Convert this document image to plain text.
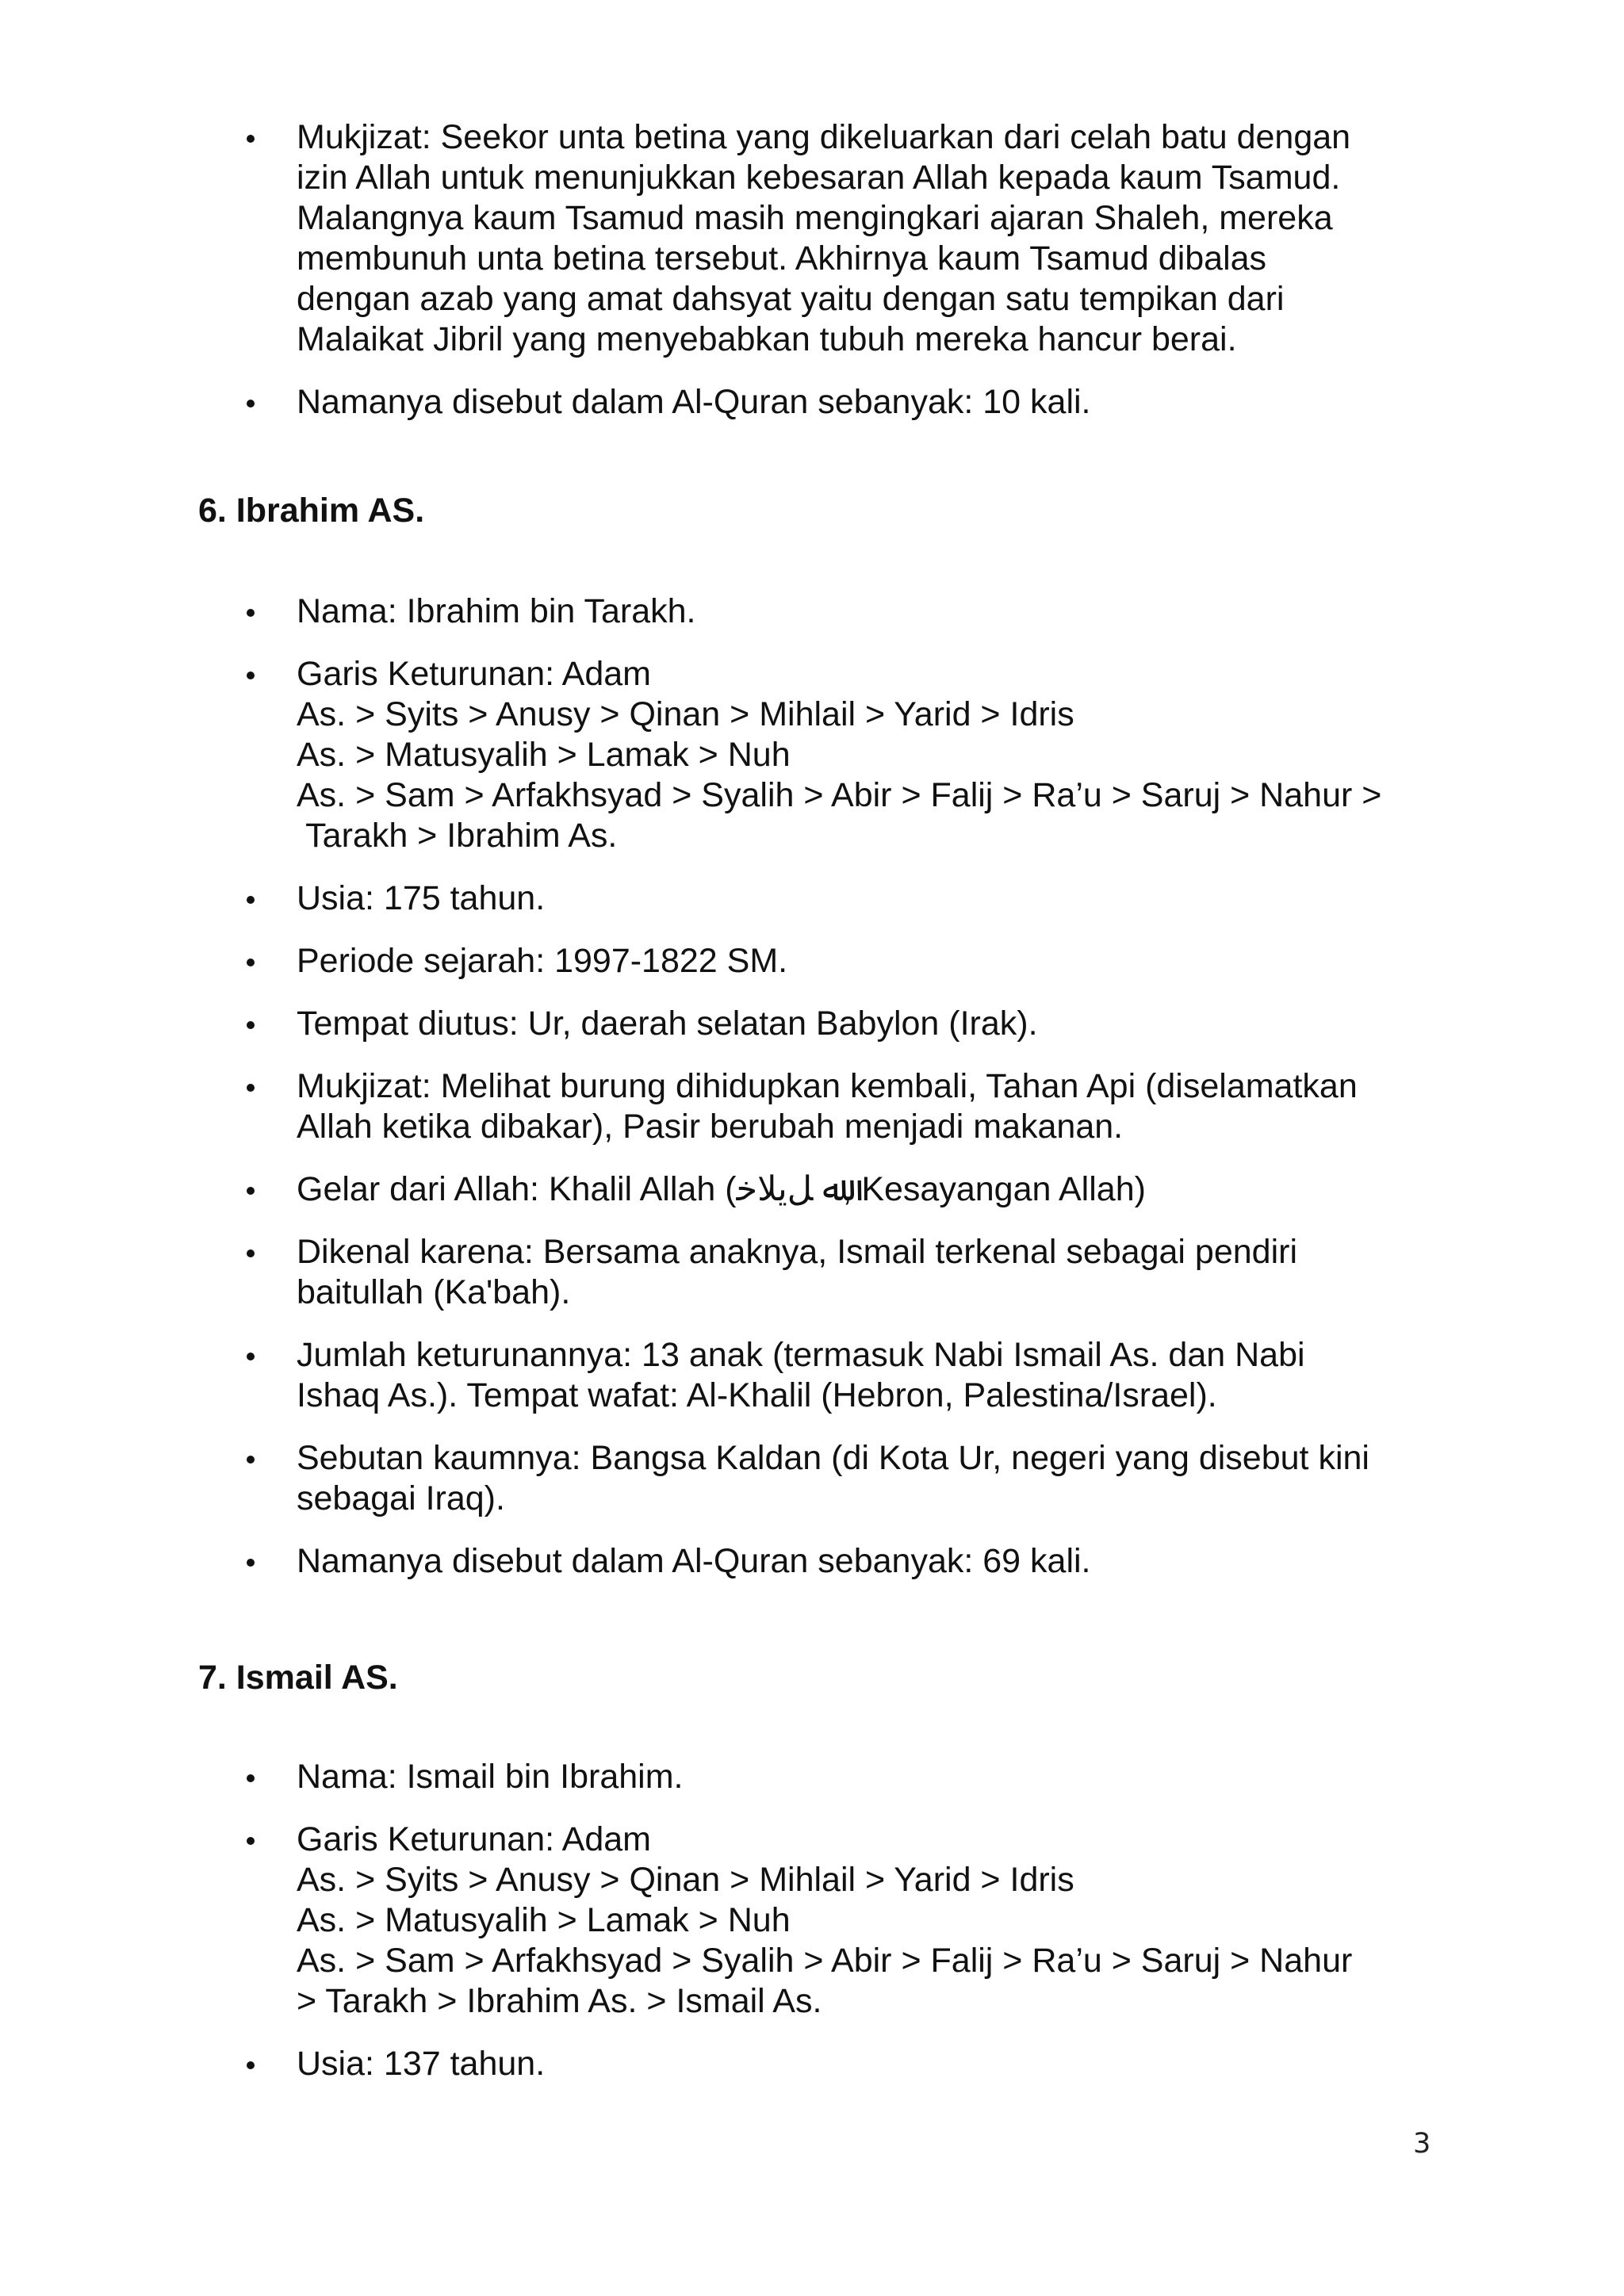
Mukjizat: Seekor unta betina yang dikeluarkan dari celah batu dengan
izin Allah untuk menunjukkan kebesaran Allah kepada kaum Tsamud.
Malangnya kaum Tsamud masih mengingkari ajaran Shaleh, mereka
membunuh unta betina tersebut. Akhirnya kaum Tsamud dibalas
dengan azab yang amat dahsyat yaitu dengan satu tempikan dari
Malaikat Jibril yang menyebabkan tubuh mereka hancur berai.
Namanya disebut dalam Al-Quran sebanyak: 10 kali.
6. Ibrahim AS.
Nama: Ibrahim bin Tarakh.
Garis Keturunan: Adam
As. > Syits > Anusy > Qinan > Mihlail > Yarid > Idris
As. > Matusyalih > Lamak > Nuh
As. > Sam > Arfakhsyad > Syalih > Abir > Falij > Ra’u > Saruj > Nahur >
Tarakh > Ibrahim As.
Usia: 175 tahun.
Periode sejarah: 1997-1822 SM.
Tempat diutus: Ur, daerah selatan Babylon (Irak).
Mukjizat: Melihat burung dihidupkan kembali, Tahan Api (diselamatkan
Allah ketika dibakar), Pasir berubah menjadi makanan.
Gelar dari Allah: Khalil Allah (ﷲ ﻞﯾﻼﺧ, Kesayangan Allah)
Dikenal karena: Bersama anaknya, Ismail terkenal sebagai pendiri
baitullah (Ka'bah).
Jumlah keturunannya: 13 anak (termasuk Nabi Ismail As. dan Nabi
Ishaq As.). Tempat wafat: Al-Khalil (Hebron, Palestina/Israel).
Sebutan kaumnya: Bangsa Kaldan (di Kota Ur, negeri yang disebut kini
sebagai Iraq).
Namanya disebut dalam Al-Quran sebanyak: 69 kali.
7. Ismail AS.
Nama: Ismail bin Ibrahim.
Garis Keturunan: Adam
As. > Syits > Anusy > Qinan > Mihlail > Yarid > Idris
As. > Matusyalih > Lamak > Nuh
As. > Sam > Arfakhsyad > Syalih > Abir > Falij > Ra’u > Saruj > Nahur
> Tarakh > Ibrahim As. > Ismail As.
Usia: 137 tahun.
3
